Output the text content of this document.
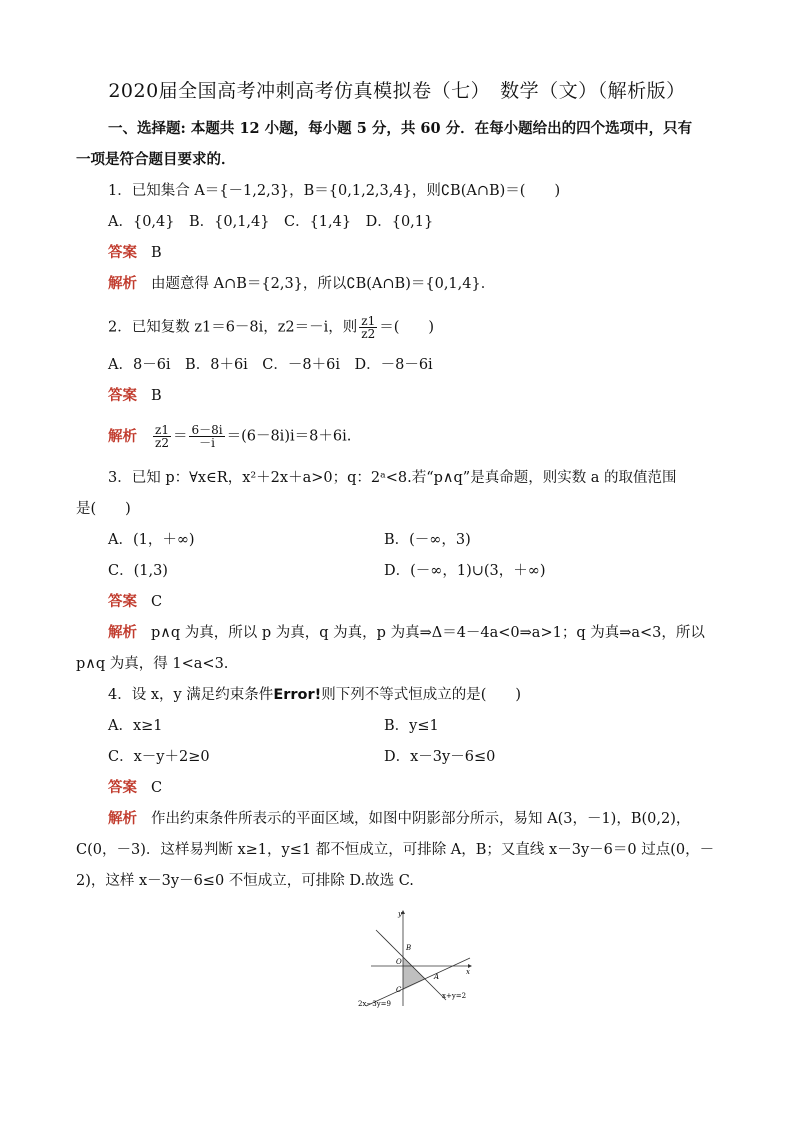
2020届全国高考冲刺高考仿真模拟卷（七）　数学（文）（解析版）
一、选择题: 本题共 12 小题，每小题 5 分，共 60 分．在每小题给出的四个选项中，只有
一项是符合题目要求的．
1．已知集合 A＝{－1,2,3}，B＝{0,1,2,3,4}，则∁B(A∩B)＝(　　)
A．{0,4}　B．{0,1,4}　C．{1,4}　D．{0,1}
答案 B
解析 由题意得 A∩B＝{2,3}，所以∁B(A∩B)＝{0,1,4}．
2．已知复数 z1＝6－8i，z2＝－i，则 $\frac{z1}{z2}$ ＝(　　)
A．8－6i　B．8＋6i　C．－8＋6i　D．－8－6i
答案 B
解析 $\frac{z1}{z2} = \frac{6-8i}{-i} =(6-8i)i=8+6i$.
3．已知 p：∀x∈R，x²＋2x＋a>0；q：2ᵃ<8.若“p∧q”是真命题，则实数 a 的取值范围
是(　　)
A．(1，＋∞)	B．(－∞，3)
C．(1,3)	D．(－∞，1)∪(3，＋∞)
答案 C
解析 p∧q 为真，所以 p 为真，q 为真，p 为真⇒Δ＝4－4a<0⇒a>1；q 为真⇒a<3，所以
p∧q 为真，得 1<a<3.
4．设 x，y 满足约束条件Error!则下列不等式恒成立的是(　　)
A．x≥1	B．y≤1
C．x－y＋2≥0	D．x－3y－6≤0
答案 C
解析 作出约束条件所表示的平面区域，如图中阴影部分所示，易知 A(3，－1)，B(0,2)，
C(0，－3)．这样易判断 x≥1，y≤1 都不恒成立，可排除 A，B；又直线 x－3y－6＝0 过点(0，－
2)，这样 x－3y－6≤0 不恒成立，可排除 D.故选 C.
y
x
O
B
A
C
2x−3y=9
x+y=2
